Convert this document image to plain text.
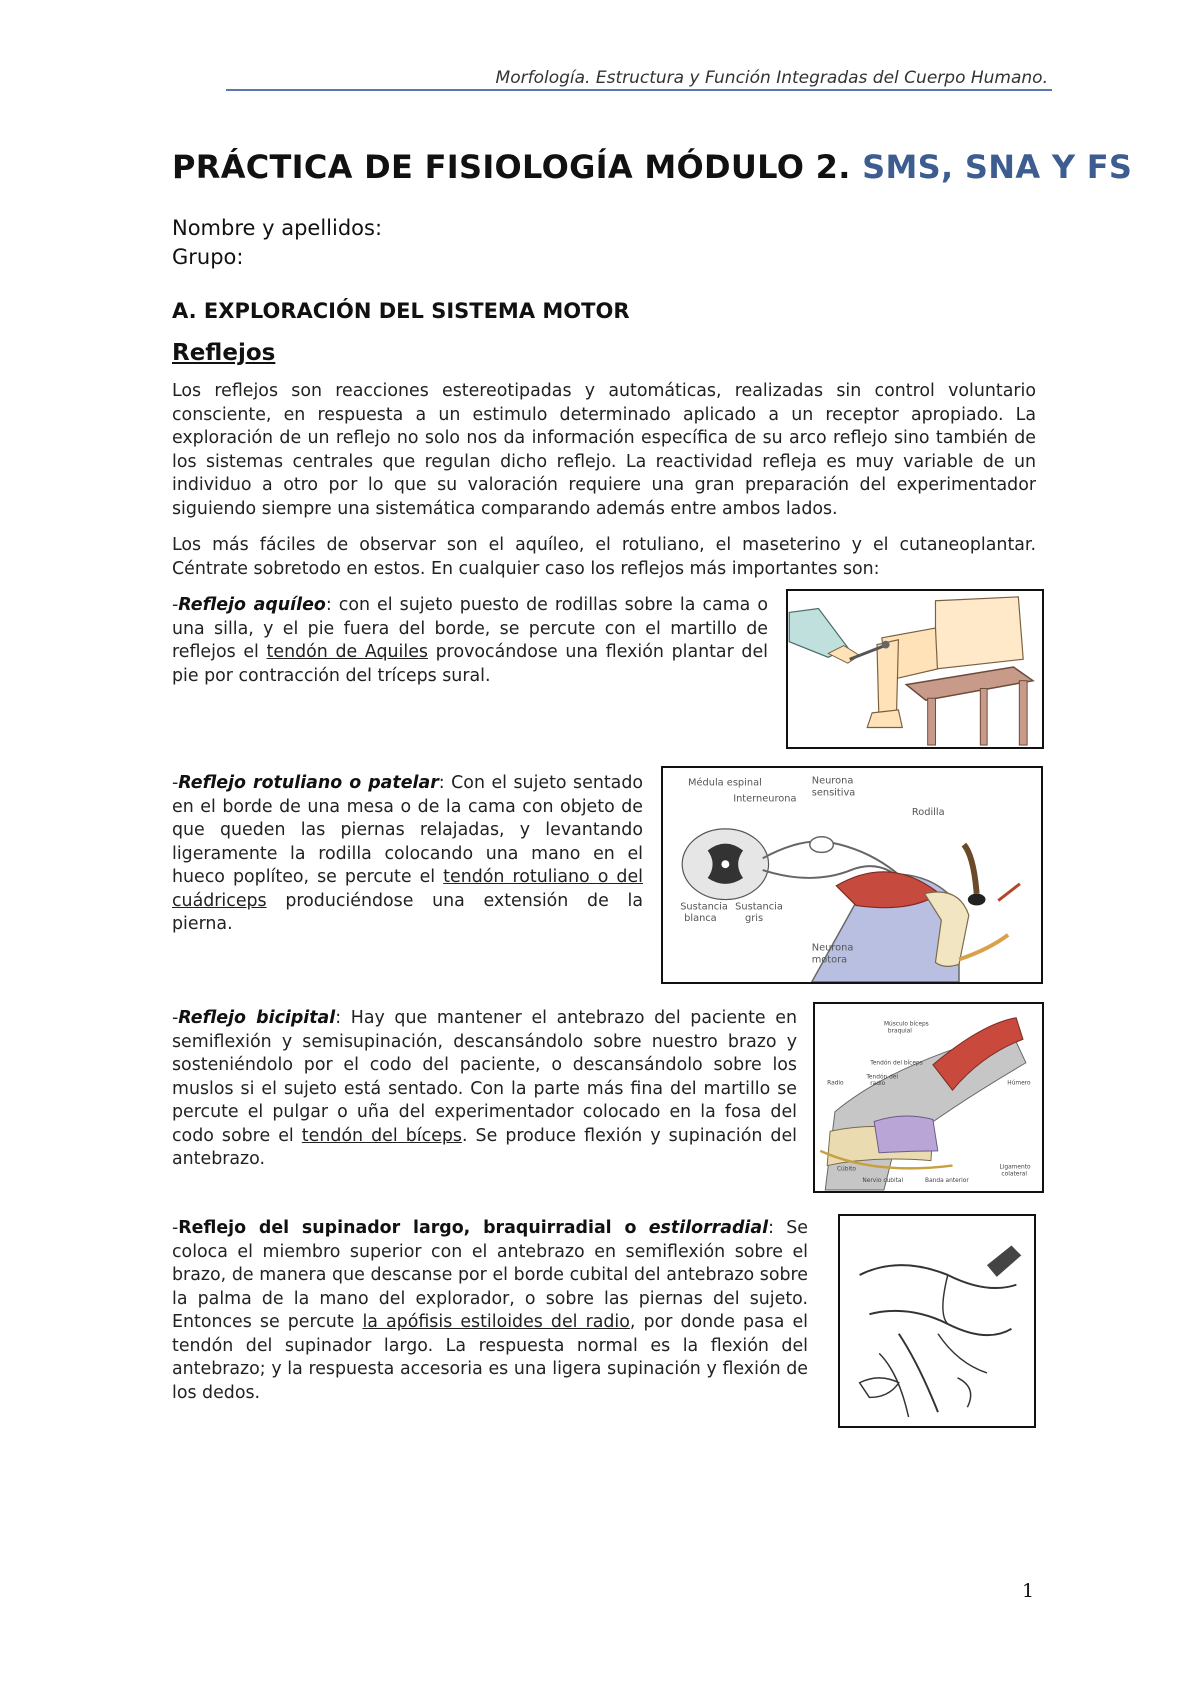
Morfología. Estructura y Función Integradas del Cuerpo Humano.
PRÁCTICA DE FISIOLOGÍA MÓDULO 2. SMS, SNA Y FS
Nombre y apellidos:
Grupo:
A. EXPLORACIÓN DEL SISTEMA MOTOR
Reflejos
Los reflejos son reacciones estereotipadas y automáticas, realizadas sin control voluntario consciente, en respuesta a un estimulo determinado aplicado a un receptor apropiado. La exploración de un reflejo no solo nos da información específica de su arco reflejo sino también de los sistemas centrales que regulan dicho reflejo. La reactividad refleja es muy variable de un individuo a otro por lo que su valoración requiere una gran preparación del experimentador siguiendo siempre una sistemática comparando además entre ambos lados.
Los más fáciles de observar son el aquíleo, el rotuliano, el maseterino y el cutaneoplantar. Céntrate sobretodo en estos. En cualquier caso los reflejos más importantes son:
-Reflejo aquíleo: con el sujeto puesto de rodillas sobre la cama o una silla, y el pie fuera del borde, se percute con el martillo de reflejos el tendón de Aquiles provocándose una flexión plantar del pie por contracción del tríceps sural.
-Reflejo rotuliano o patelar: Con el sujeto sentado en el borde de una mesa o de la cama con objeto de que queden las piernas relajadas, y levantando ligeramente la rodilla colocando una mano en el hueco poplíteo, se percute el tendón rotuliano o del cuádriceps produciéndose una extensión de la pierna.
Médula espinal
Interneurona
Neurona
sensitiva
Rodilla
Sustancia
blanca
Sustancia
gris
Neurona
motora
-Reflejo bicipital: Hay que mantener el antebrazo del paciente en semiflexión y semisupinación, descansándolo sobre nuestro brazo y sosteniéndolo por el codo del paciente, o descansándolo sobre los muslos si el sujeto está sentado. Con la parte más fina del martillo se percute el pulgar o uña del experimentador colocado en la fosa del codo sobre el tendón del bíceps. Se produce flexión y supinación del antebrazo.
Músculo bíceps
braquial
Tendón del bíceps
Tendón del
radio
Radio	Húmero
Cúbito
Nervio cubital	Banda anterior
Ligamento
colateral
-Reflejo del supinador largo, braquirradial o estilorradial: Se coloca el miembro superior con el antebrazo en semiflexión sobre el brazo, de manera que descanse por el borde cubital del antebrazo sobre la palma de la mano del explorador, o sobre las piernas del sujeto. Entonces se percute la apófisis estiloides del radio, por donde pasa el tendón del supinador largo. La respuesta normal es la flexión del antebrazo; y la respuesta accesoria es una ligera supinación y flexión de los dedos.
1
